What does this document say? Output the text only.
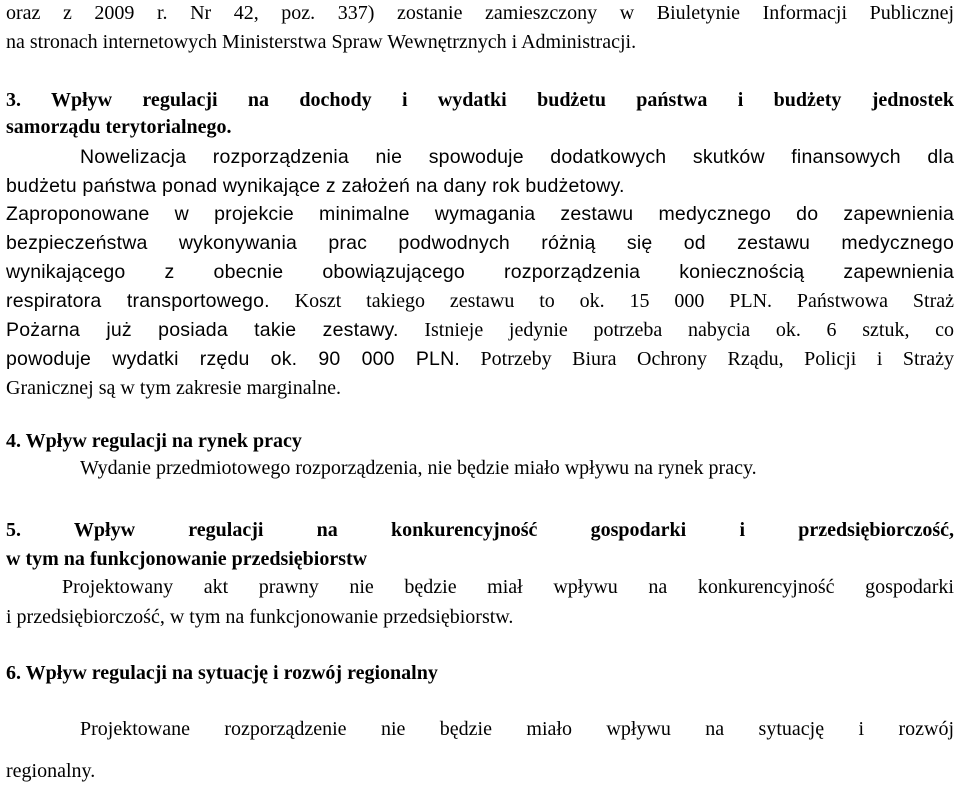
oraz z 2009 r. Nr 42, poz. 337) zostanie zamieszczony w Biuletynie Informacji Publicznej
na stronach internetowych Ministerstwa Spraw Wewnętrznych i Administracji.
3. Wpływ regulacji na dochody i wydatki budżetu państwa i budżety jednostek
samorządu terytorialnego.
Nowelizacja rozporządzenia nie spowoduje dodatkowych skutków finansowych dla
budżetu państwa ponad wynikające z założeń na dany rok budżetowy.
Zaproponowane w projekcie minimalne wymagania zestawu medycznego do zapewnienia
bezpieczeństwa wykonywania prac podwodnych różnią się od zestawu medycznego
wynikającego z obecnie obowiązującego rozporządzenia koniecznością zapewnienia
respiratora transportowego. Koszt takiego zestawu to ok. 15 000 PLN. Państwowa Straż
Pożarna już posiada takie zestawy. Istnieje jedynie potrzeba nabycia ok. 6 sztuk, co
powoduje wydatki rzędu ok. 90 000 PLN. Potrzeby Biura Ochrony Rządu, Policji i Straży
Granicznej są w tym zakresie marginalne.
4. Wpływ regulacji na rynek pracy
Wydanie przedmiotowego rozporządzenia, nie będzie miało wpływu na rynek pracy.
5. Wpływ regulacji na konkurencyjność gospodarki i przedsiębiorczość,
w tym na funkcjonowanie przedsiębiorstw
Projektowany akt prawny nie będzie miał wpływu na konkurencyjność gospodarki
i przedsiębiorczość, w tym na funkcjonowanie przedsiębiorstw.
6. Wpływ regulacji na sytuację i rozwój regionalny
Projektowane rozporządzenie nie będzie miało wpływu na sytuację i rozwój
regionalny.
